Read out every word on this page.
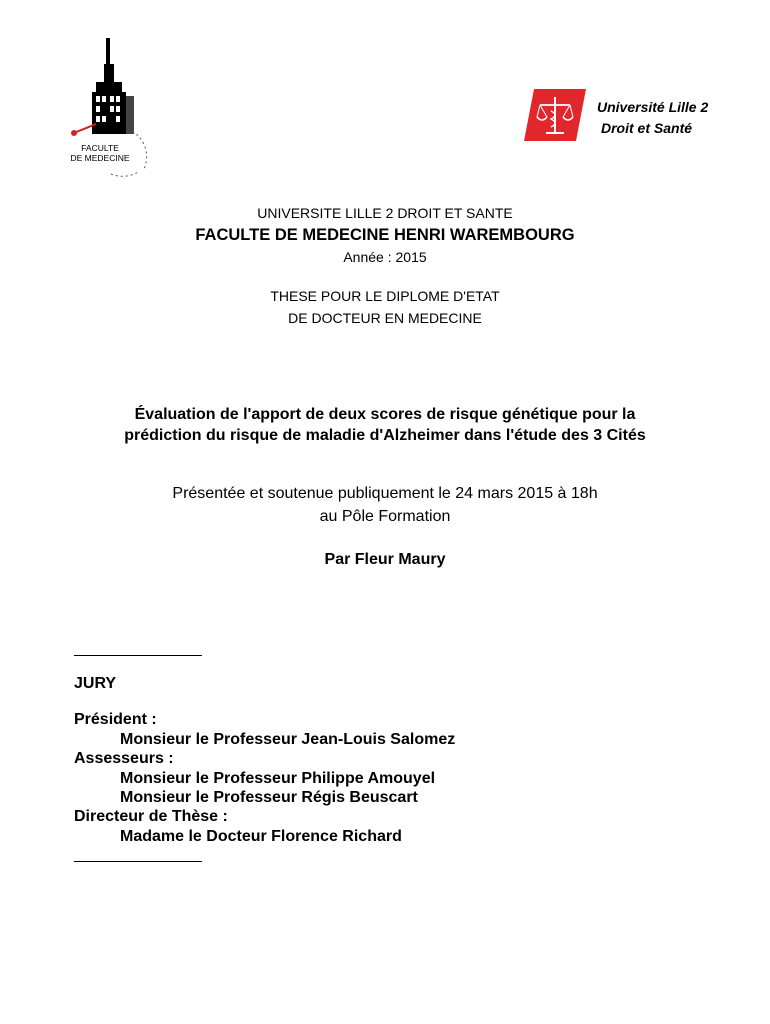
FACULTE
DE MEDECINE
Université Lille 2
Droit et Santé
UNIVERSITE LILLE 2 DROIT ET SANTE
FACULTE DE MEDECINE HENRI WAREMBOURG
Année : 2015
THESE POUR LE DIPLOME D'ETAT
DE DOCTEUR EN MEDECINE
Évaluation de l'apport de deux scores de risque génétique pour la
prédiction du risque de maladie d'Alzheimer dans l'étude des 3 Cités
Présentée et soutenue publiquement le 24 mars 2015 à 18h
au Pôle Formation
Par Fleur Maury
JURY
Président :
Monsieur le Professeur Jean-Louis Salomez
Assesseurs :
Monsieur le Professeur Philippe Amouyel
Monsieur le Professeur Régis Beuscart
Directeur de Thèse :
Madame le Docteur Florence Richard
